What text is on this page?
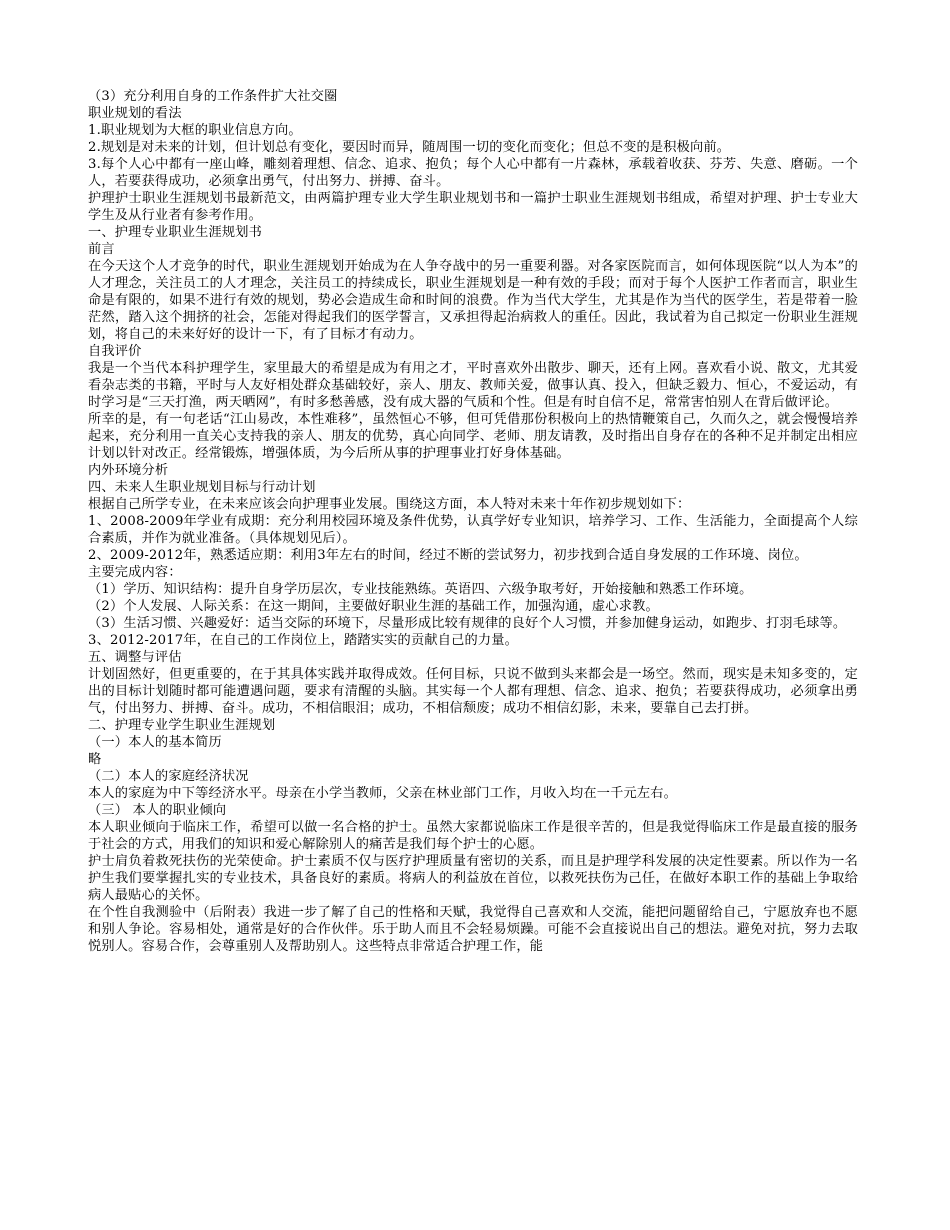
（3）充分利用自身的工作条件扩大社交圈

职业规划的看法

1.职业规划为大框的职业信息方向。

2.规划是对未来的计划，但计划总有变化，要因时而异，随周围一切的变化而变化；但总不变的是积极向前。

3.每个人心中都有一座山峰，雕刻着理想、信念、追求、抱负；每个人心中都有一片森林，承载着收获、芬芳、失意、磨砺。一个人，若要获得成功，必须拿出勇气，付出努力、拼搏、奋斗。

护理护士职业生涯规划书最新范文，由两篇护理专业大学生职业规划书和一篇护士职业生涯规划书组成，希望对护理、护士专业大学生及从行业者有参考作用。

一、护理专业职业生涯规划书

前言

在今天这个人才竞争的时代，职业生涯规划开始成为在人争夺战中的另一重要利器。对各家医院而言，如何体现医院“以人为本”的人才理念，关注员工的人才理念，关注员工的持续成长，职业生涯规划是一种有效的手段；而对于每个人医护工作者而言，职业生命是有限的，如果不进行有效的规划，势必会造成生命和时间的浪费。作为当代大学生，尤其是作为当代的医学生，若是带着一脸茫然，踏入这个拥挤的社会，怎能对得起我们的医学誓言，又承担得起治病救人的重任。因此，我试着为自己拟定一份职业生涯规划，将自己的未来好好的设计一下，有了目标才有动力。

自我评价

我是一个当代本科护理学生，家里最大的希望是成为有用之才，平时喜欢外出散步、聊天，还有上网。喜欢看小说、散文，尤其爱看杂志类的书籍，平时与人友好相处群众基础较好，亲人、朋友、教师关爱，做事认真、投入，但缺乏毅力、恒心，不爱运动，有时学习是“三天打渔，两天晒网”，有时多愁善感，没有成大器的气质和个性。但是有时自信不足，常常害怕别人在背后做评论。

所幸的是，有一句老话“江山易改，本性难移”，虽然恒心不够，但可凭借那份积极向上的热情鞭策自己，久而久之，就会慢慢培养起来，充分利用一直关心支持我的亲人、朋友的优势，真心向同学、老师、朋友请教，及时指出自身存在的各种不足并制定出相应计划以针对改正。经常锻炼，增强体质，为今后所从事的护理事业打好身体基础。

内外环境分析

四、未来人生职业规划目标与行动计划

根据自己所学专业，在未来应该会向护理事业发展。围绕这方面，本人特对未来十年作初步规划如下：

1、2008-2009年学业有成期：充分利用校园环境及条件优势，认真学好专业知识，培养学习、工作、生活能力，全面提高个人综合素质，并作为就业准备。（具体规划见后）。

2、2009-2012年，熟悉适应期：利用3年左右的时间，经过不断的尝试努力，初步找到合适自身发展的工作环境、岗位。

主要完成内容：

（1）学历、知识结构：提升自身学历层次，专业技能熟练。英语四、六级争取考好，开始接触和熟悉工作环境。

（2）个人发展、人际关系：在这一期间，主要做好职业生涯的基础工作，加强沟通，虚心求教。

（3）生活习惯、兴趣爱好：适当交际的环境下，尽量形成比较有规律的良好个人习惯，并参加健身运动，如跑步、打羽毛球等。

3、2012-2017年，在自己的工作岗位上，踏踏实实的贡献自己的力量。

五、调整与评估

计划固然好，但更重要的，在于其具体实践并取得成效。任何目标，只说不做到头来都会是一场空。然而，现实是未知多变的，定出的目标计划随时都可能遭遇问题，要求有清醒的头脑。其实每一个人都有理想、信念、追求、抱负；若要获得成功，必须拿出勇气，付出努力、拼搏、奋斗。成功，不相信眼泪；成功，不相信颓废；成功不相信幻影，未来，要靠自己去打拼。

二、护理专业学生职业生涯规划

（一）本人的基本简历

略

（二）本人的家庭经济状况

本人的家庭为中下等经济水平。母亲在小学当教师，父亲在林业部门工作，月收入均在一千元左右。

（三） 本人的职业倾向

本人职业倾向于临床工作，希望可以做一名合格的护士。虽然大家都说临床工作是很辛苦的，但是我觉得临床工作是最直接的服务于社会的方式，用我们的知识和爱心解除别人的痛苦是我们每个护士的心愿。

护士肩负着救死扶伤的光荣使命。护士素质不仅与医疗护理质量有密切的关系，而且是护理学科发展的决定性要素。所以作为一名护生我们要掌握扎实的专业技术，具备良好的素质。将病人的利益放在首位，以救死扶伤为己任，在做好本职工作的基础上争取给病人最贴心的关怀。

在个性自我测验中（后附表）我进一步了解了自己的性格和天赋，我觉得自己喜欢和人交流，能把问题留给自己，宁愿放弃也不愿和别人争论。容易相处，通常是好的合作伙伴。乐于助人而且不会轻易烦躁。可能不会直接说出自己的想法。避免对抗，努力去取悦别人。容易合作，会尊重别人及帮助别人。这些特点非常适合护理工作，能
